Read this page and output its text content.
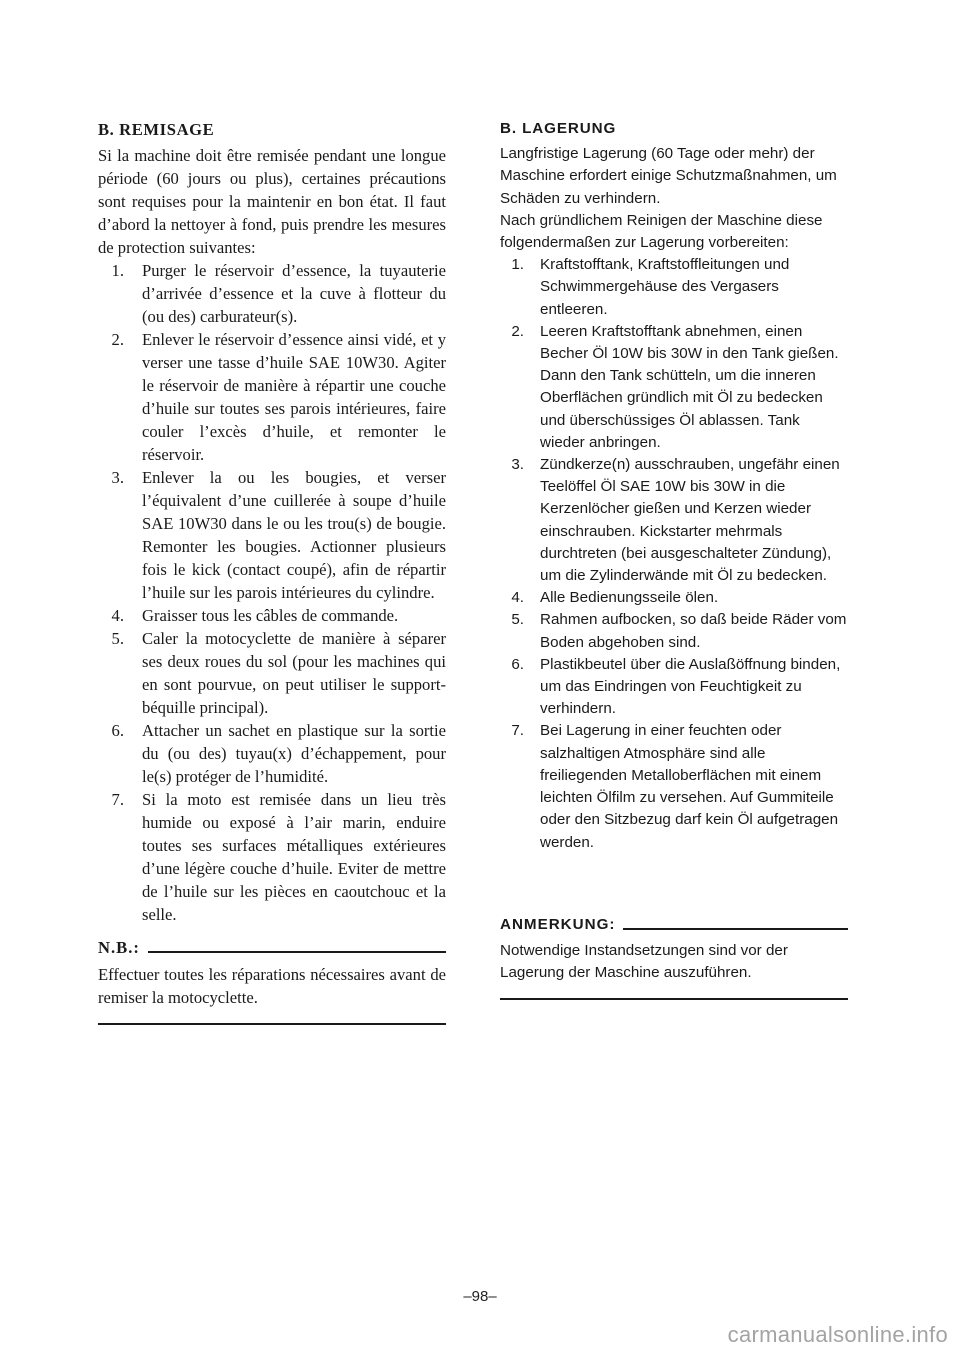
B. REMISAGE

Si la machine doit être remisée pendant une longue période (60 jours ou plus), certaines précautions sont requises pour la maintenir en bon état. Il faut d’abord la nettoyer à fond, puis prendre les mesures de protection suivantes:

1. Purger le réservoir d’essence, la tuyauterie d’arrivée d’essence et la cuve à flotteur du (ou des) carburateur(s).
2. Enlever le réservoir d’essence ainsi vidé, et y verser une tasse d’huile SAE 10W30. Agiter le réservoir de manière à répartir une couche d’huile sur toutes ses parois intérieures, faire couler l’excès d’huile, et remonter le réservoir.
3. Enlever la ou les bougies, et verser l’équivalent d’une cuillerée à soupe d’huile SAE 10W30 dans le ou les trou(s) de bougie. Remonter les bougies. Actionner plusieurs fois le kick (contact coupé), afin de répartir l’huile sur les parois intérieures du cylindre.
4. Graisser tous les câbles de commande.
5. Caler la motocyclette de manière à séparer ses deux roues du sol (pour les machines qui en sont pourvue, on peut utiliser le support-béquille principal).
6. Attacher un sachet en plastique sur la sortie du (ou des) tuyau(x) d’échappement, pour le(s) protéger de l’humidité.
7. Si la moto est remisée dans un lieu très humide ou exposé à l’air marin, enduire toutes ses surfaces métalliques extérieures d’une légère couche d’huile. Eviter de mettre de l’huile sur les pièces en caoutchouc et la selle.
N.B.:

Effectuer toutes les réparations nécessaires avant de remiser la motocyclette.

B. LAGERUNG

Langfristige Lagerung (60 Tage oder mehr) der Maschine erfordert einige Schutzmaßnahmen, um Schäden zu verhindern.

Nach gründlichem Reinigen der Maschine diese folgendermaßen zur Lagerung vorbereiten:

1. Kraftstofftank, Kraftstoffleitungen und Schwimmergehäuse des Vergasers entleeren.
2. Leeren Kraftstofftank abnehmen, einen Becher Öl 10W bis 30W in den Tank gießen. Dann den Tank schütteln, um die inneren Oberflächen gründlich mit Öl zu bedecken und überschüssiges Öl ablassen. Tank wieder anbringen.
3. Zündkerze(n) ausschrauben, ungefähr einen Teelöffel Öl SAE 10W bis 30W in die Kerzenlöcher gießen und Kerzen wieder einschrauben. Kickstarter mehrmals durchtreten (bei ausgeschalteter Zündung), um die Zylinderwände mit Öl zu bedecken.
4. Alle Bedienungsseile ölen.
5. Rahmen aufbocken, so daß beide Räder vom Boden abgehoben sind.
6. Plastikbeutel über die Auslaßöffnung binden, um das Eindringen von Feuchtigkeit zu verhindern.
7. Bei Lagerung in einer feuchten oder salzhaltigen Atmosphäre sind alle freiliegenden Metalloberflächen mit einem leichten Ölfilm zu versehen. Auf Gummiteile oder den Sitzbezug darf kein Öl aufgetragen werden.
ANMERKUNG:

Notwendige Instandsetzungen sind vor der Lagerung der Maschine auszuführen.

–98–
carmanualsonline.info
